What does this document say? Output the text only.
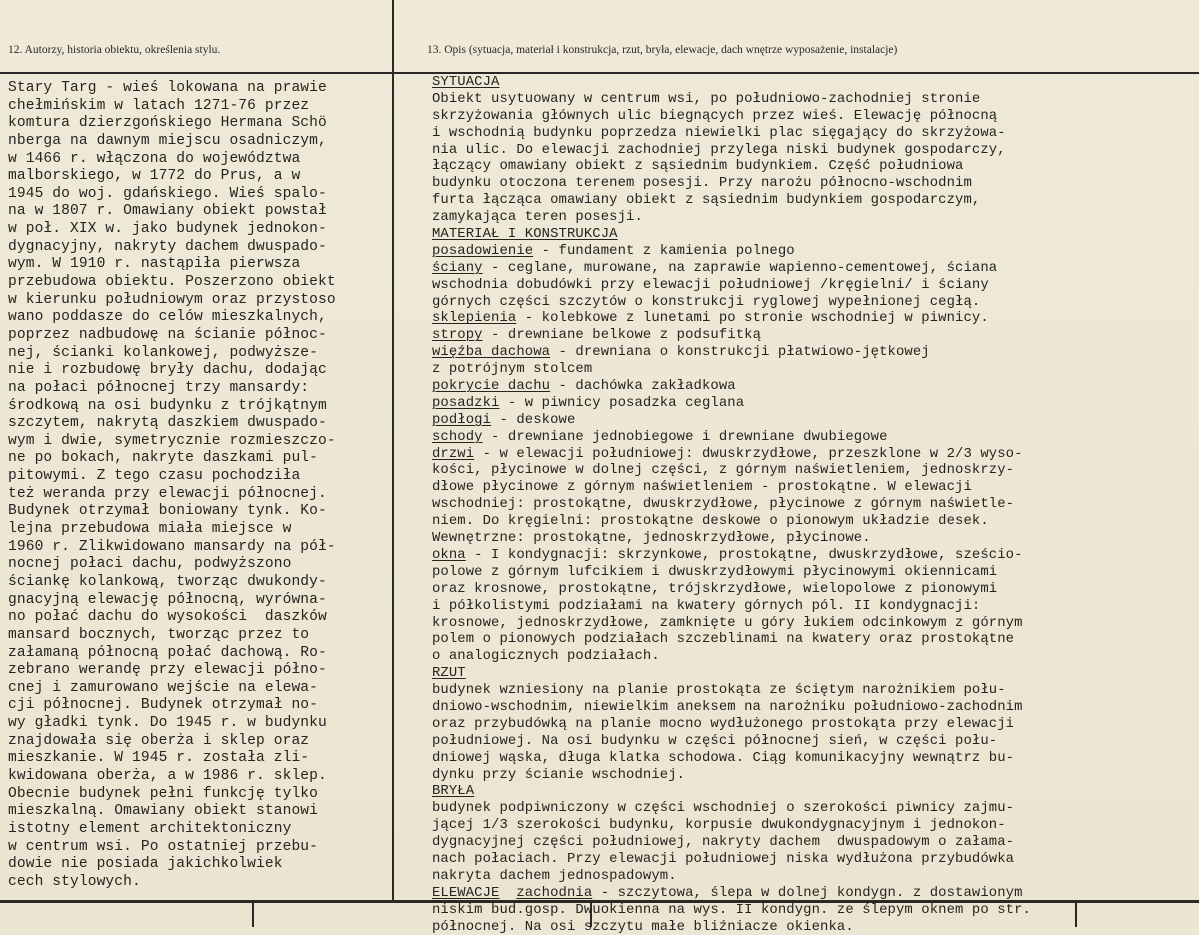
12. Autorzy, historia obiektu, określenia stylu.	13. Opis (sytuacja, materiał i konstrukcja, rzut, bryła, elewacje, dach wnętrze wyposażenie, instalacje)
Stary Targ - wieś lokowana na prawie
chełmińskim w latach 1271-76 przez
komtura dzierzgońskiego Hermana Schö
nberga na dawnym miejscu osadniczym,
w 1466 r. włączona do województwa
malborskiego, w 1772 do Prus, a w
1945 do woj. gdańskiego. Wieś spalo-
na w 1807 r. Omawiany obiekt powstał
w poł. XIX w. jako budynek jednokon-
dygnacyjny, nakryty dachem dwuspado-
wym. W 1910 r. nastąpiła pierwsza
przebudowa obiektu. Poszerzono obiekt
w kierunku południowym oraz przystoso
wano poddasze do celów mieszkalnych,
poprzez nadbudowę na ścianie północ-
nej, ścianki kolankowej, podwyższe-
nie i rozbudowę bryły dachu, dodając
na połaci północnej trzy mansardy:
środkową na osi budynku z trójkątnym
szczytem, nakrytą daszkiem dwuspado-
wym i dwie, symetrycznie rozmieszczo-
ne po bokach, nakryte daszkami pul-
pitowymi. Z tego czasu pochodziła
też weranda przy elewacji północnej.
Budynek otrzymał boniowany tynk. Ko-
lejna przebudowa miała miejsce w
1960 r. Zlikwidowano mansardy na pół-
nocnej połaci dachu, podwyższono
ściankę kolankową, tworząc dwukondy-
gnacyjną elewację północną, wyrówna-
no połać dachu do wysokości  daszków
mansard bocznych, tworząc przez to
załamaną północną połać dachową. Ro-
zebrano werandę przy elewacji półno-
cnej i zamurowano wejście na elewa-
cji północnej. Budynek otrzymał no-
wy gładki tynk. Do 1945 r. w budynku
znajdowała się oberża i sklep oraz
mieszkanie. W 1945 r. została zli-
kwidowana oberża, a w 1986 r. sklep.
Obecnie budynek pełni funkcję tylko
mieszkalną. Omawiany obiekt stanowi
istotny element architektoniczny
w centrum wsi. Po ostatniej przebu-
dowie nie posiada jakichkolwiek
cech stylowych.
SYTUACJA
Obiekt usytuowany w centrum wsi, po południowo-zachodniej stronie
skrzyżowania głównych ulic biegnących przez wieś. Elewację północną
i wschodnią budynku poprzedza niewielki plac sięgający do skrzyżowa-
nia ulic. Do elewacji zachodniej przylega niski budynek gospodarczy,
łączący omawiany obiekt z sąsiednim budynkiem. Część południowa
budynku otoczona terenem posesji. Przy narożu północno-wschodnim
furta łącząca omawiany obiekt z sąsiednim budynkiem gospodarczym,
zamykająca teren posesji.
MATERIAŁ I KONSTRUKCJA
posadowienie - fundament z kamienia polnego
ściany - ceglane, murowane, na zaprawie wapienno-cementowej, ściana
wschodnia dobudówki przy elewacji południowej /kręgielni/ i ściany
górnych części szczytów o konstrukcji ryglowej wypełnionej cegłą.
sklepienia - kolebkowe z lunetami po stronie wschodniej w piwnicy.
stropy - drewniane belkowe z podsufitką
więźba dachowa - drewniana o konstrukcji płatwiowo-jętkowej
z potrójnym stolcem
pokrycie dachu - dachówka zakładkowa
posadzki - w piwnicy posadzka ceglana
podłogi - deskowe
schody - drewniane jednobiegowe i drewniane dwubiegowe
drzwi - w elewacji południowej: dwuskrzydłowe, przeszklone w 2/3 wyso-
kości, płycinowe w dolnej części, z górnym naświetleniem, jednoskrzy-
dłowe płycinowe z górnym naświetleniem - prostokątne. W elewacji
wschodniej: prostokątne, dwuskrzydłowe, płycinowe z górnym naświetle-
niem. Do kręgielni: prostokątne deskowe o pionowym układzie desek.
Wewnętrzne: prostokątne, jednoskrzydłowe, płycinowe.
okna - I kondygnacji: skrzynkowe, prostokątne, dwuskrzydłowe, sześcio-
polowe z górnym lufcikiem i dwuskrzydłowymi płycinowymi okiennicami
oraz krosnowe, prostokątne, trójskrzydłowe, wielopolowe z pionowymi
i półkolistymi podziałami na kwatery górnych pól. II kondygnacji:
krosnowe, jednoskrzydłowe, zamknięte u góry łukiem odcinkowym z górnym
polem o pionowych podziałach szczeblinami na kwatery oraz prostokątne
o analogicznych podziałach.
RZUT
budynek wzniesiony na planie prostokąta ze ściętym narożnikiem połu-
dniowo-wschodnim, niewielkim aneksem na narożniku południowo-zachodnim
oraz przybudówką na planie mocno wydłużonego prostokąta przy elewacji
południowej. Na osi budynku w części północnej sień, w części połu-
dniowej wąska, długa klatka schodowa. Ciąg komunikacyjny wewnątrz bu-
dynku przy ścianie wschodniej.
BRYŁA
budynek podpiwniczony w części wschodniej o szerokości piwnicy zajmu-
jącej 1/3 szerokości budynku, korpusie dwukondygnacyjnym i jednokon-
dygnacyjnej części południowej, nakryty dachem  dwuspadowym o załama-
nach połaciach. Przy elewacji południowej niska wydłużona przybudówka
nakryta dachem jednospadowym.
ELEWACJE zachodnia - szczytowa, ślepa w dolnej kondygn. z dostawionym
niskim bud.gosp. Dwuokienna na wys. II kondygn. ze ślepym oknem po str.
północnej. Na osi szczytu małe bliźniacze okienka.
